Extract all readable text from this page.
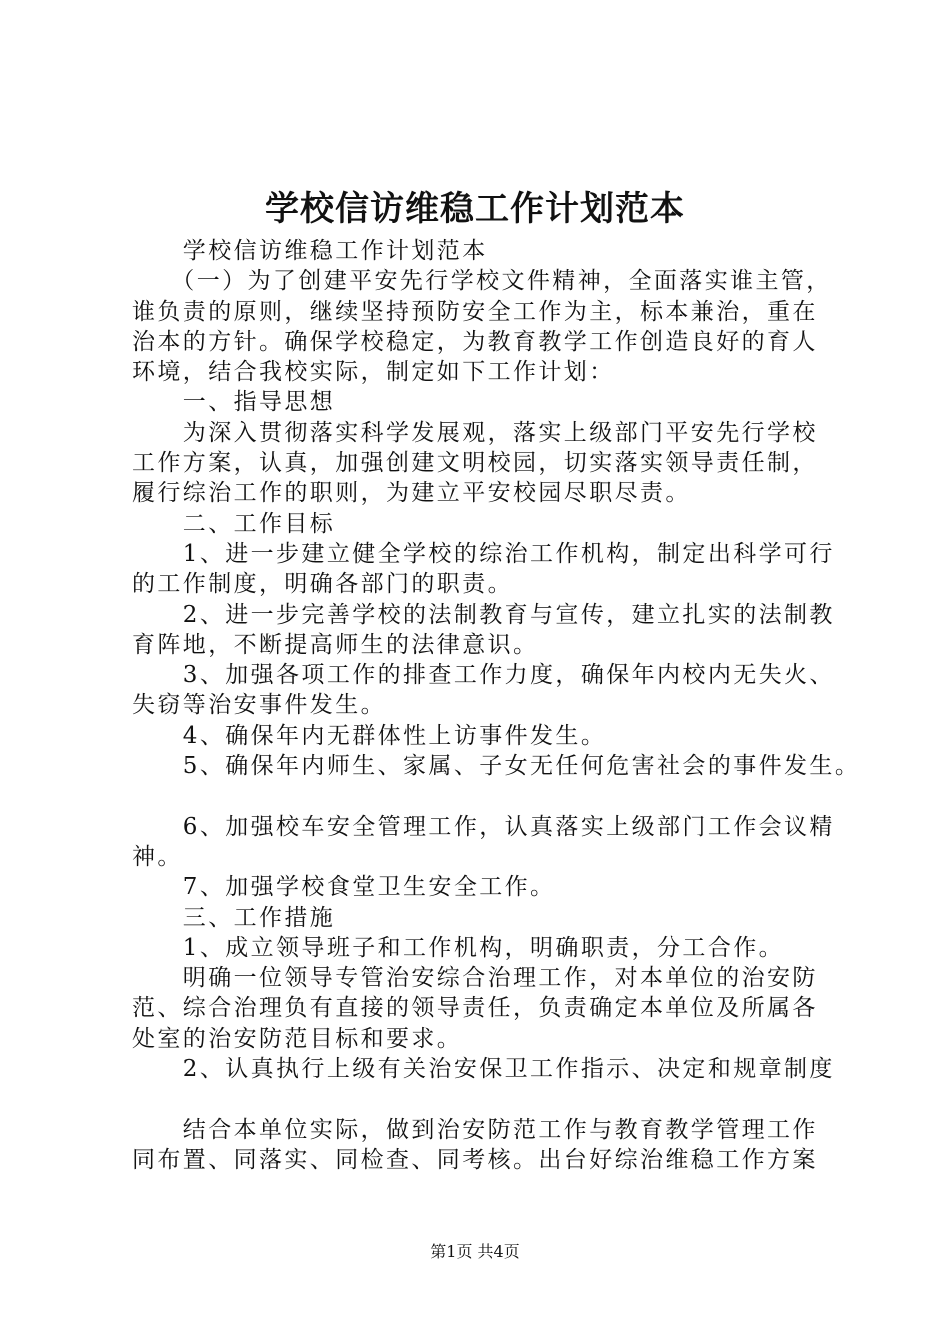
学校信访维稳工作计划范本
　　学校信访维稳工作计划范本
　　（一）为了创建平安先行学校文件精神，全面落实谁主管，
谁负责的原则，继续坚持预防安全工作为主，标本兼治，重在
治本的方针。确保学校稳定，为教育教学工作创造良好的育人
环境，结合我校实际，制定如下工作计划：
　　一、指导思想
　　为深入贯彻落实科学发展观，落实上级部门平安先行学校
工作方案，认真，加强创建文明校园，切实落实领导责任制，
履行综治工作的职则，为建立平安校园尽职尽责。
　　二、工作目标
　　1、进一步建立健全学校的综治工作机构，制定出科学可行
的工作制度，明确各部门的职责。
　　2、进一步完善学校的法制教育与宣传，建立扎实的法制教
育阵地，不断提高师生的法律意识。
　　3、加强各项工作的排查工作力度，确保年内校内无失火、
失窃等治安事件发生。
　　4、确保年内无群体性上访事件发生。
　　5、确保年内师生、家属、子女无任何危害社会的事件发生。
　　6、加强校车安全管理工作，认真落实上级部门工作会议精
神。
　　7、加强学校食堂卫生安全工作。
　　三、工作措施
　　1、成立领导班子和工作机构，明确职责，分工合作。
　　明确一位领导专管治安综合治理工作，对本单位的治安防
范、综合治理负有直接的领导责任，负责确定本单位及所属各
处室的治安防范目标和要求。
　　2、认真执行上级有关治安保卫工作指示、决定和规章制度
　　结合本单位实际，做到治安防范工作与教育教学管理工作
同布置、同落实、同检查、同考核。出台好综治维稳工作方案
第1页 共4页
